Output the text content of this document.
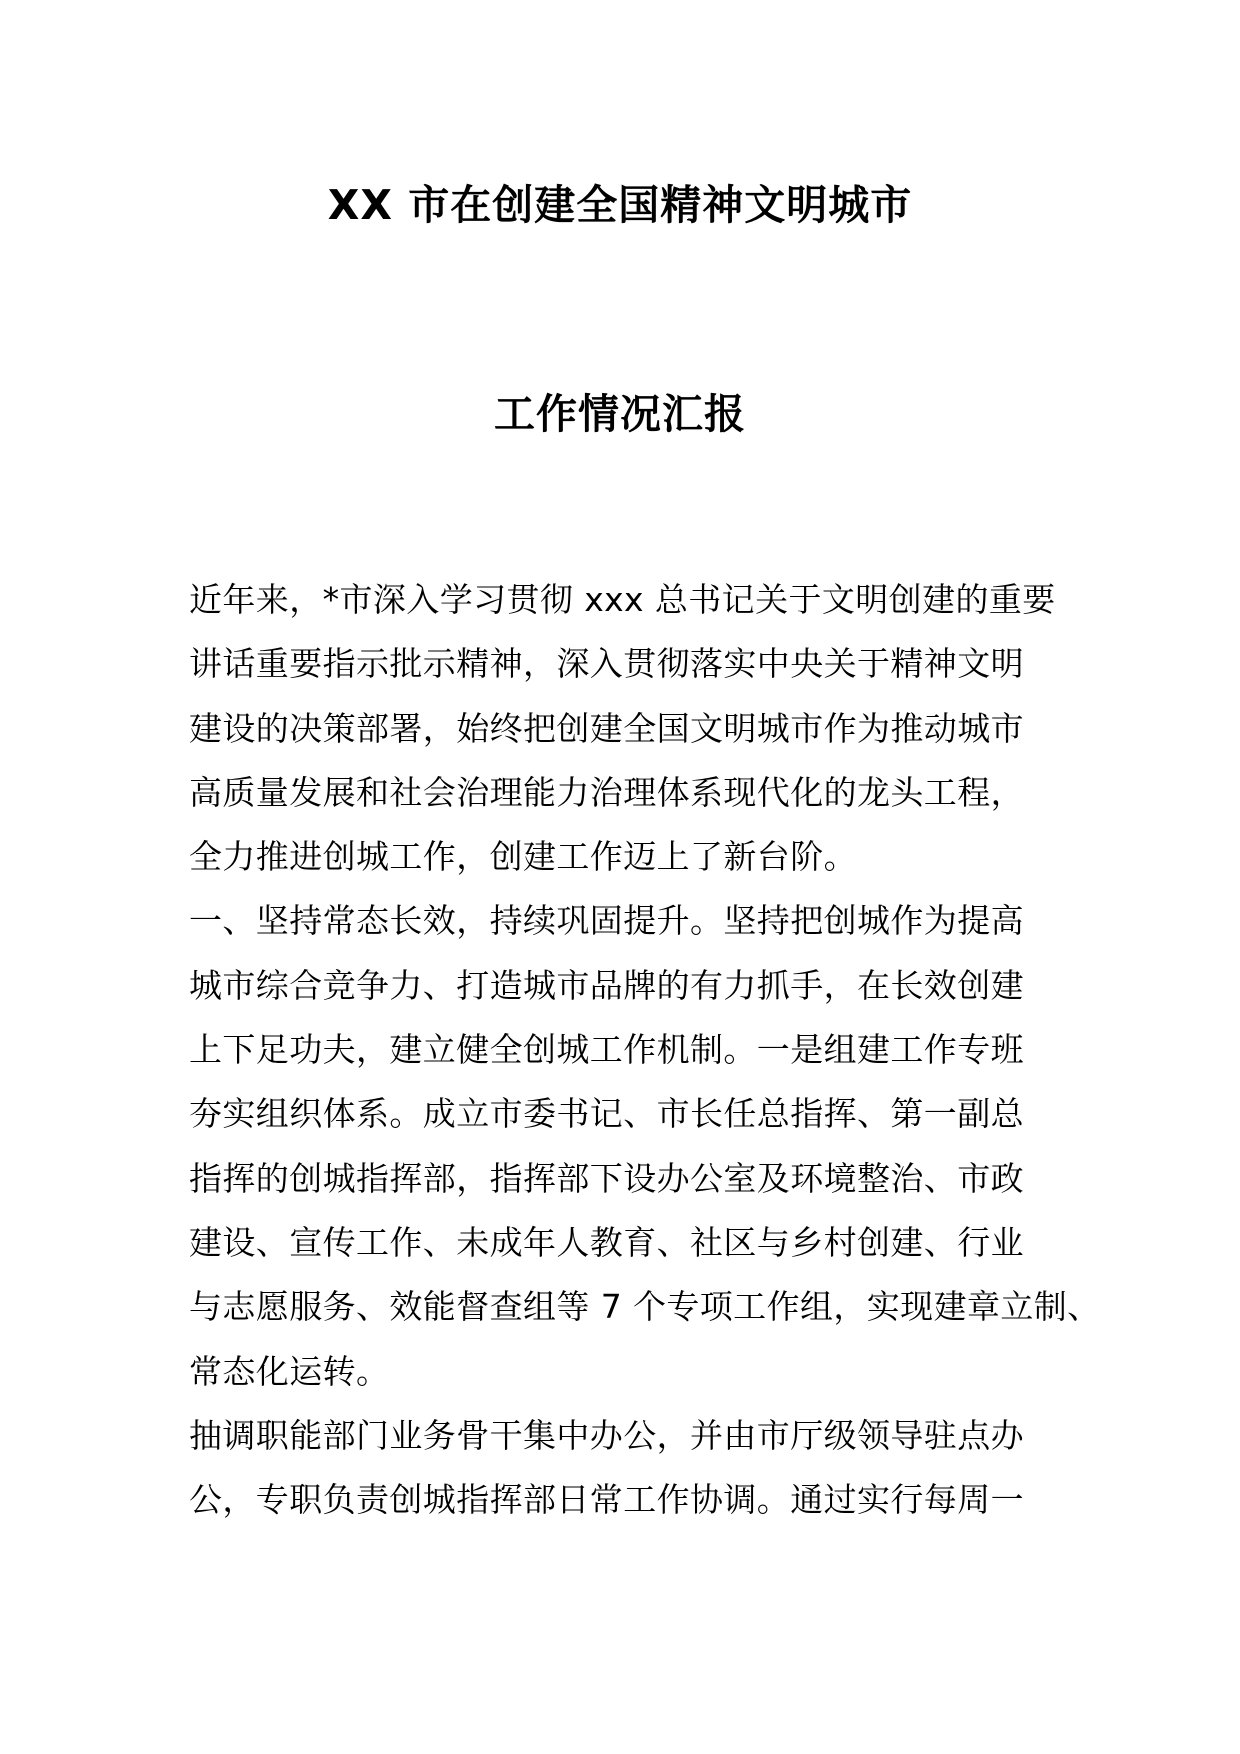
XX 市在创建全国精神文明城市
工作情况汇报
近年来，*市深入学习贯彻 xxx 总书记关于文明创建的重要
讲话重要指示批示精神，深入贯彻落实中央关于精神文明
建设的决策部署，始终把创建全国文明城市作为推动城市
高质量发展和社会治理能力治理体系现代化的龙头工程，
全力推进创城工作，创建工作迈上了新台阶。
一、坚持常态长效，持续巩固提升。坚持把创城作为提高
城市综合竞争力、打造城市品牌的有力抓手，在长效创建
上下足功夫，建立健全创城工作机制。一是组建工作专班
夯实组织体系。成立市委书记、市长任总指挥、第一副总
指挥的创城指挥部，指挥部下设办公室及环境整治、市政
建设、宣传工作、未成年人教育、社区与乡村创建、行业
与志愿服务、效能督查组等 7 个专项工作组，实现建章立制、
常态化运转。
抽调职能部门业务骨干集中办公，并由市厅级领导驻点办
公，专职负责创城指挥部日常工作协调。通过实行每周一
